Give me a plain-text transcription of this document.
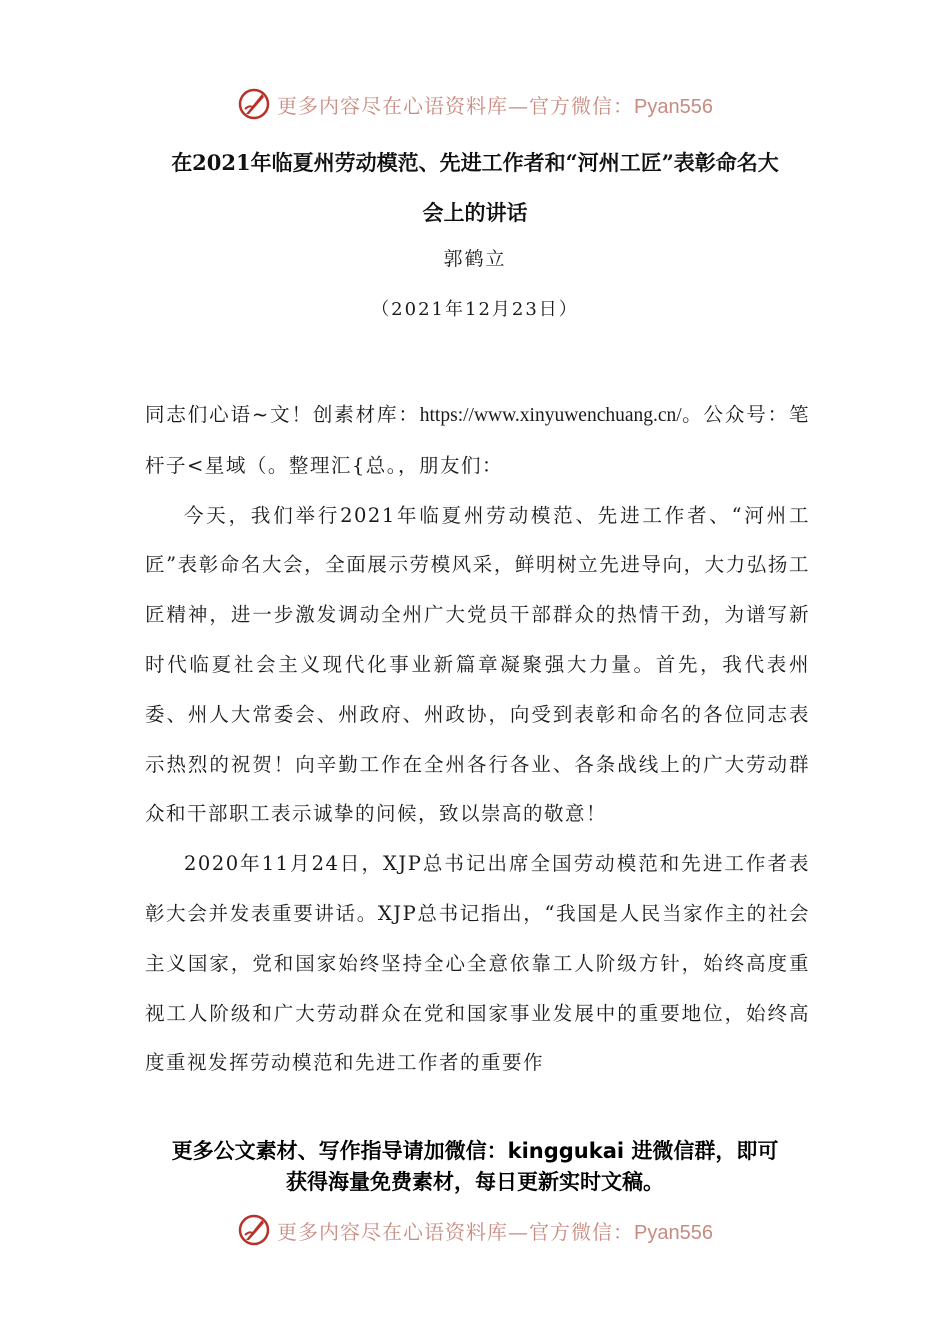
更多内容尽在心语资料库—官方微信：Pyan556
在2021年临夏州劳动模范、先进工作者和“河州工匠”表彰命名大
会上的讲话
郭鹤立
（2021年12月23日）

同志们心语~文！创素材库：https://www.xinyuwenchuang.cn/。公众号：笔杆子<星域（。整理汇{总。，朋友们：

今天，我们举行2021年临夏州劳动模范、先进工作者、“河州工匠”表彰命名大会，全面展示劳模风采，鲜明树立先进导向，大力弘扬工匠精神，进一步激发调动全州广大党员干部群众的热情干劲，为谱写新时代临夏社会主义现代化事业新篇章凝聚强大力量。首先，我代表州委、州人大常委会、州政府、州政协，向受到表彰和命名的各位同志表示热烈的祝贺！向辛勤工作在全州各行各业、各条战线上的广大劳动群众和干部职工表示诚挚的问候，致以崇高的敬意！

2020年11月24日，XJP总书记出席全国劳动模范和先进工作者表彰大会并发表重要讲话。XJP总书记指出，“我国是人民当家作主的社会主义国家，党和国家始终坚持全心全意依靠工人阶级方针，始终高度重视工人阶级和广大劳动群众在党和国家事业发展中的重要地位，始终高度重视发挥劳动模范和先进工作者的重要作

更多公文素材、写作指导请加微信：kinggukai 进微信群，即可
获得海量免费素材，每日更新实时文稿。
更多内容尽在心语资料库—官方微信：Pyan556
